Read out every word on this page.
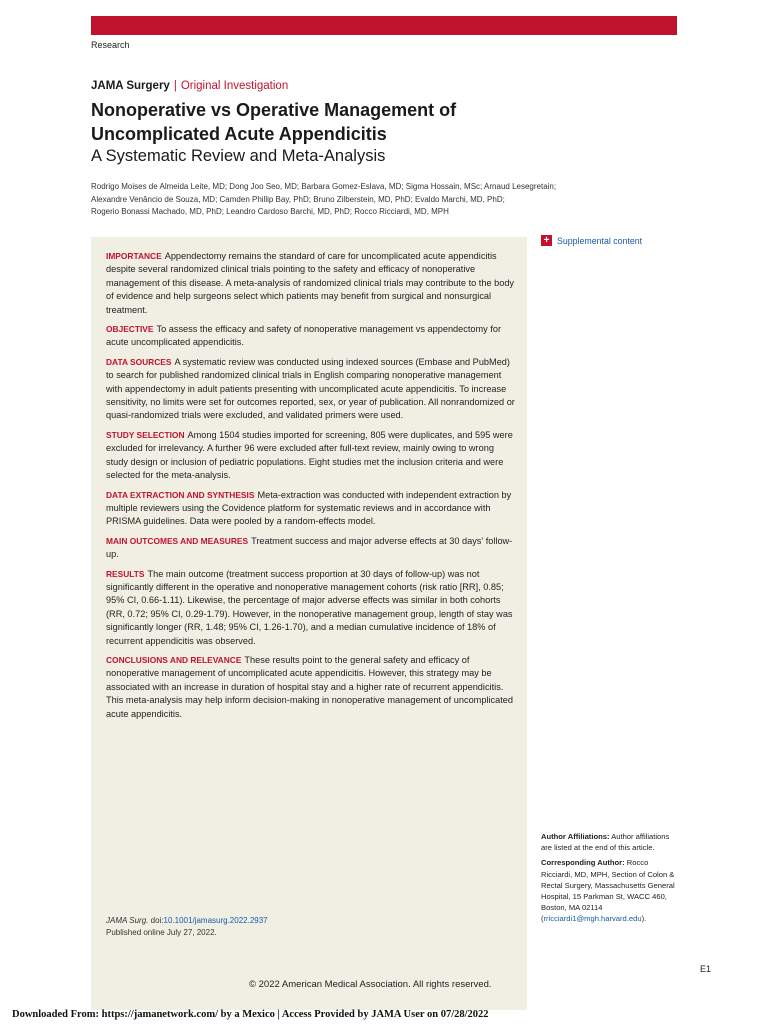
Research
JAMA Surgery | Original Investigation
Nonoperative vs Operative Management of Uncomplicated Acute Appendicitis
A Systematic Review and Meta-Analysis
Rodrigo Moises de Almeida Leite, MD; Dong Joo Seo, MD; Barbara Gomez-Eslava, MD; Sigma Hossain, MSc; Arnaud Lesegretain;
Alexandre Venâncio de Souza, MD; Camden Phillip Bay, PhD; Bruno Zilberstein, MD, PhD; Evaldo Marchi, MD, PhD;
Rogerio Bonassi Machado, MD, PhD; Leandro Cardoso Barchi, MD, PhD; Rocco Ricciardi, MD, MPH

IMPORTANCE Appendectomy remains the standard of care for uncomplicated acute appendicitis despite several randomized clinical trials pointing to the safety and efficacy of nonoperative management of this disease. A meta-analysis of randomized clinical trials may contribute to the body of evidence and help surgeons select which patients may benefit from surgical and nonsurgical treatment.

OBJECTIVE To assess the efficacy and safety of nonoperative management vs appendectomy for acute uncomplicated appendicitis.

DATA SOURCES A systematic review was conducted using indexed sources (Embase and PubMed) to search for published randomized clinical trials in English comparing nonoperative management with appendectomy in adult patients presenting with uncomplicated acute appendicitis. To increase sensitivity, no limits were set for outcomes reported, sex, or year of publication. All nonrandomized or quasi-randomized trials were excluded, and validated primers were used.

STUDY SELECTION Among 1504 studies imported for screening, 805 were duplicates, and 595 were excluded for irrelevancy. A further 96 were excluded after full-text review, mainly owing to wrong study design or inclusion of pediatric populations. Eight studies met the inclusion criteria and were selected for the meta-analysis.

DATA EXTRACTION AND SYNTHESIS Meta-extraction was conducted with independent extraction by multiple reviewers using the Covidence platform for systematic reviews and in accordance with PRISMA guidelines. Data were pooled by a random-effects model.

MAIN OUTCOMES AND MEASURES Treatment success and major adverse effects at 30 days' follow-up.

RESULTS The main outcome (treatment success proportion at 30 days of follow-up) was not significantly different in the operative and nonoperative management cohorts (risk ratio [RR], 0.85; 95% CI, 0.66-1.11). Likewise, the percentage of major adverse effects was similar in both cohorts (RR, 0.72; 95% CI, 0.29-1.79). However, in the nonoperative management group, length of stay was significantly longer (RR, 1.48; 95% CI, 1.26-1.70), and a median cumulative incidence of 18% of recurrent appendicitis was observed.

CONCLUSIONS AND RELEVANCE These results point to the general safety and efficacy of nonoperative management of uncomplicated acute appendicitis. However, this strategy may be associated with an increase in duration of hospital stay and a higher rate of recurrent appendicitis. This meta-analysis may help inform decision-making in nonoperative management of uncomplicated acute appendicitis.

JAMA Surg. doi:10.1001/jamasurg.2022.2937
Published online July 27, 2022.
© 2022 American Medical Association. All rights reserved.
+ Supplemental content

Author Affiliations: Author affiliations are listed at the end of this article.

Corresponding Author: Rocco Ricciardi, MD, MPH, Section of Colon & Rectal Surgery, Massachusetts General Hospital, 15 Parkman St, WACC 460, Boston, MA 02114 (rricciardi1@mgh.harvard.edu).

E1
Downloaded From: https://jamanetwork.com/ by a Mexico | Access Provided by JAMA User on 07/28/2022
